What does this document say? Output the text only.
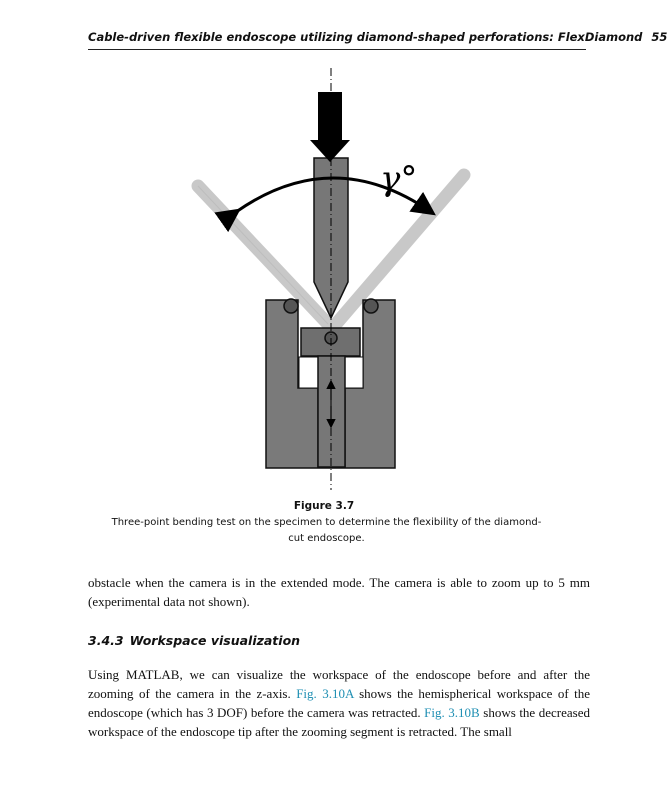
Cable-driven flexible endoscope utilizing diamond-shaped perforations: FlexDiamond 55
γ°
Figure 3.7
Three-point bending test on the specimen to determine the flexibility of the diamond-cut endoscope.
obstacle when the camera is in the extended mode. The camera is able to zoom up to 5 mm (experimental data not shown).
3.4.3 Workspace visualization
Using MATLAB, we can visualize the workspace of the endoscope before and after the zooming of the camera in the z-axis. Fig. 3.10A shows the hemispherical workspace of the endoscope (which has 3 DOF) before the camera was retracted. Fig. 3.10B shows the decreased workspace of the endoscope tip after the zooming segment is retracted. The small
